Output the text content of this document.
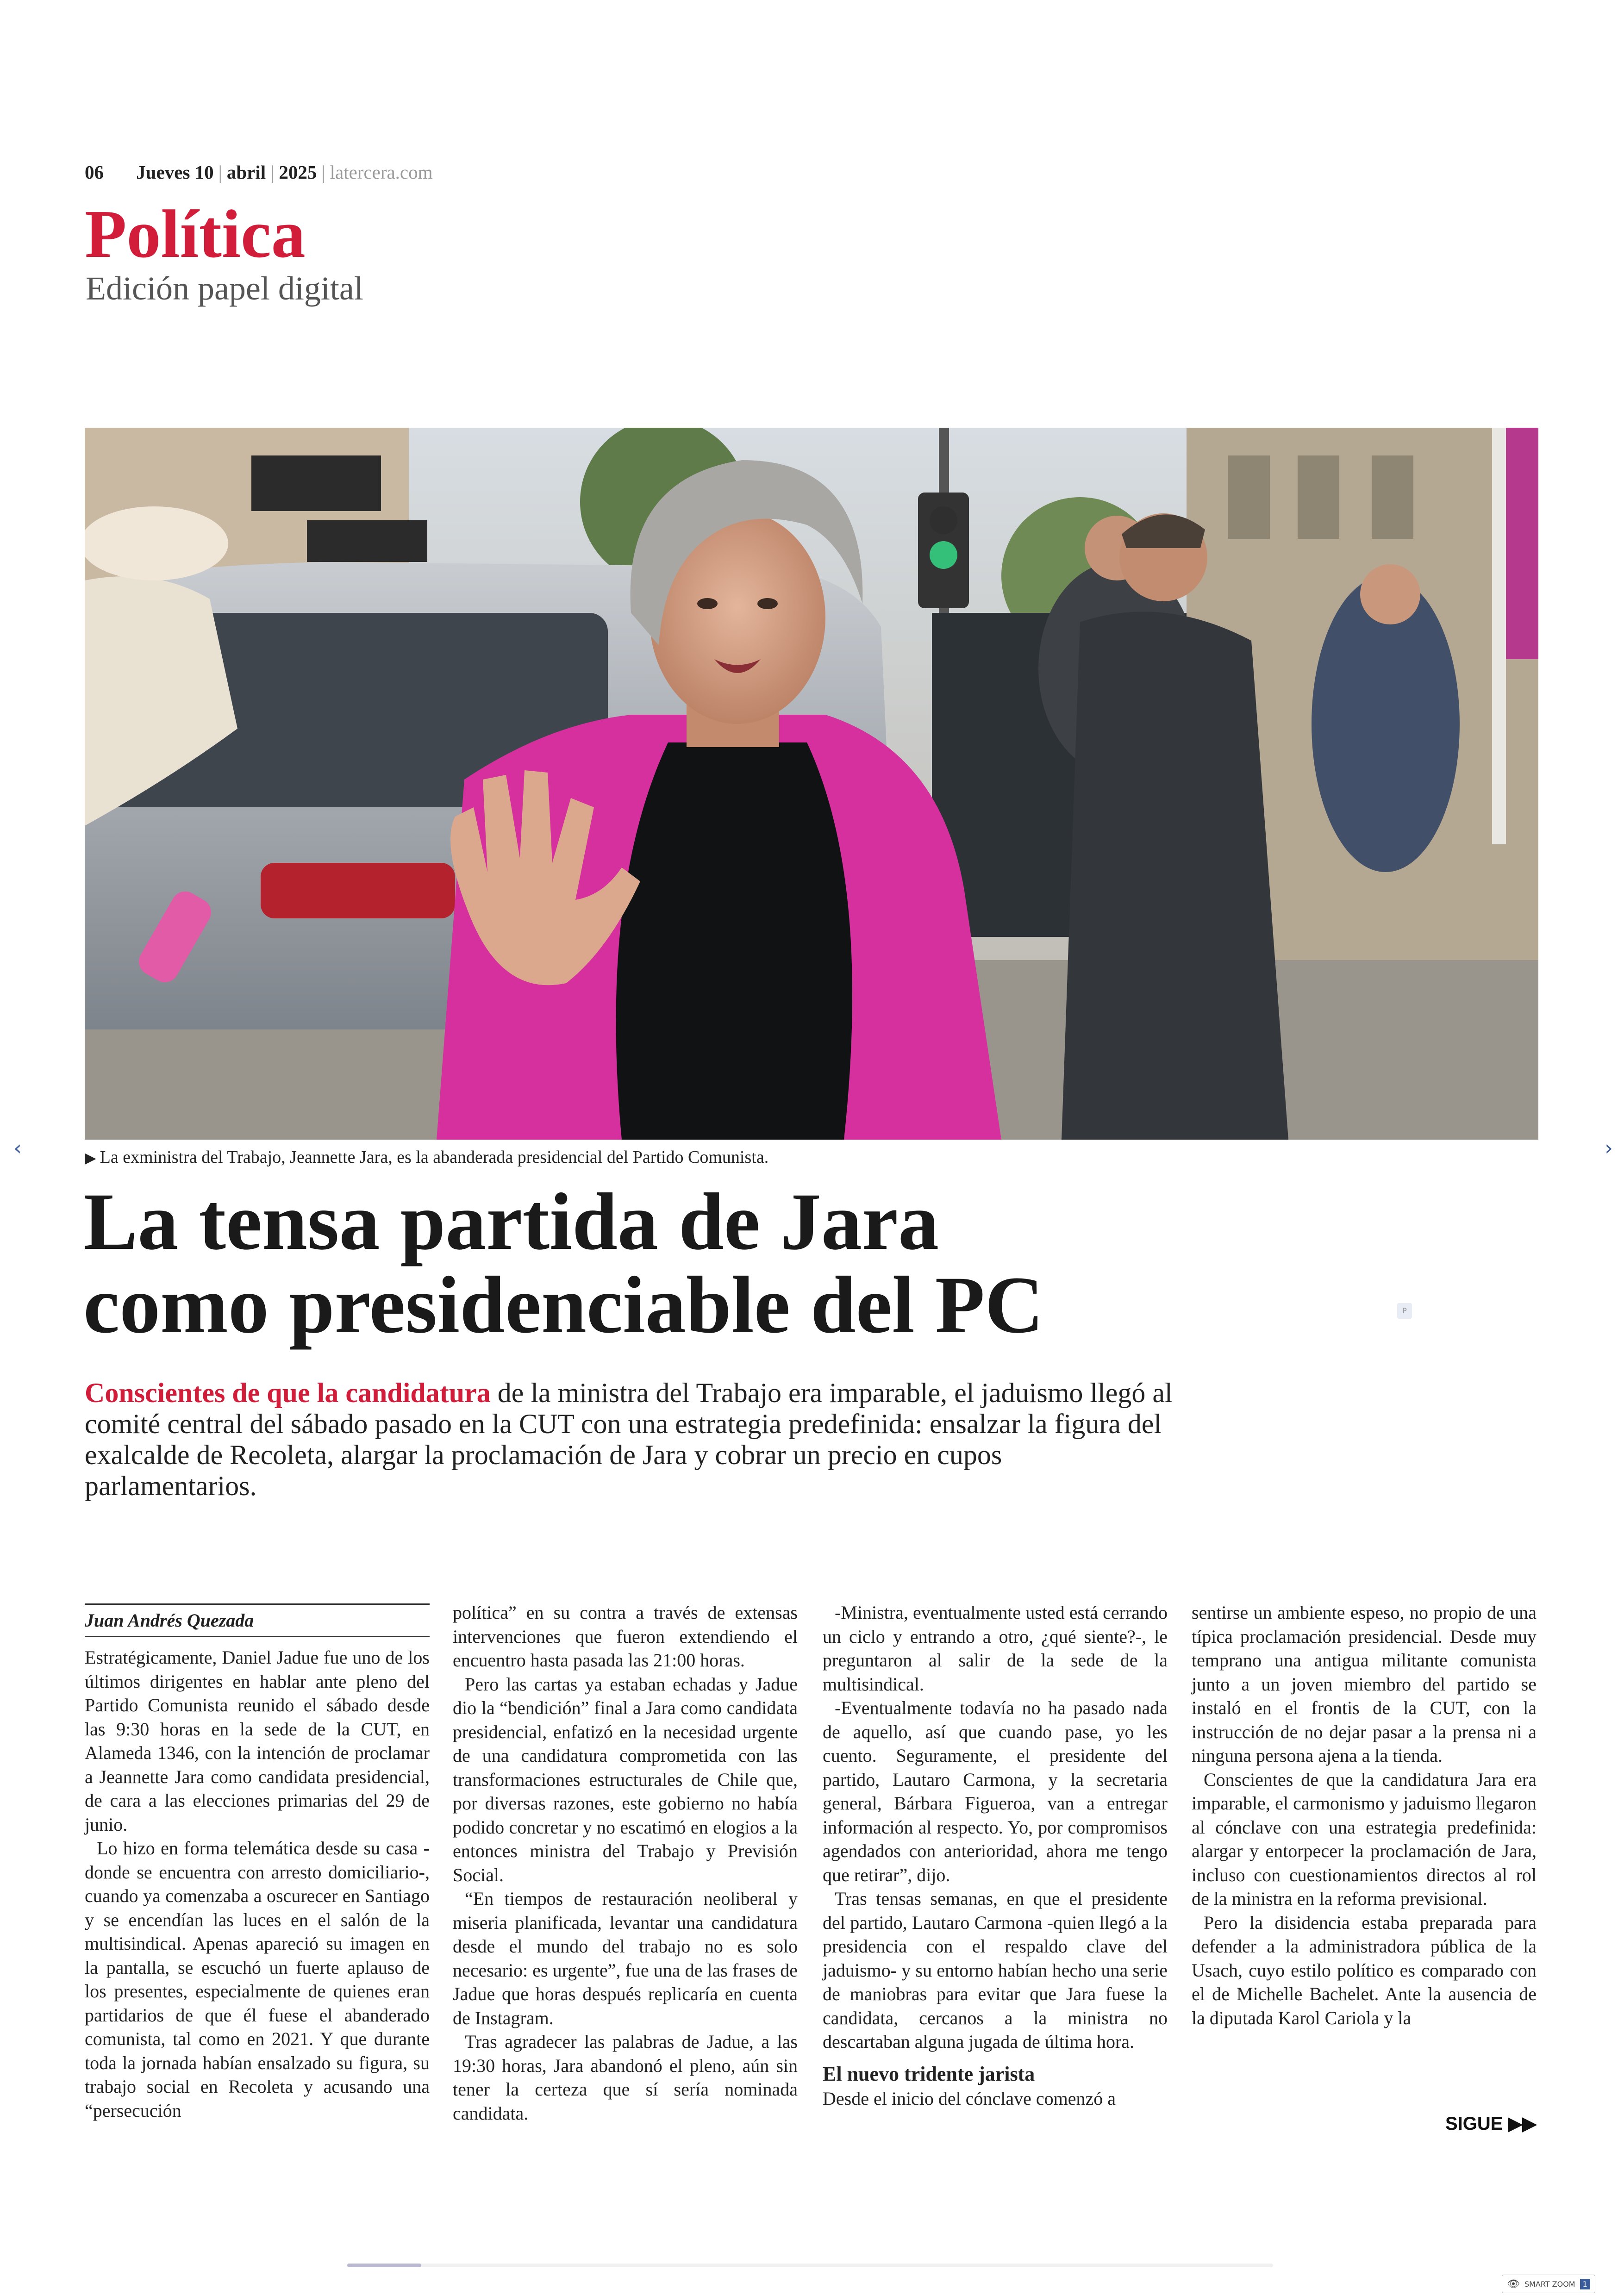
06 Jueves 10 | abril | 2025 | latercera.com
Política
Edición papel digital
▶ La exministra del Trabajo, Jeannette Jara, es la abanderada presidencial del Partido Comunista.
La tensa partida de Jara
como presidenciable del PC
Conscientes de que la candidatura de la ministra del Trabajo era imparable, el jaduismo llegó al comité central del sábado pasado en la CUT con una estrategia predefinida: ensalzar la figura del exalcalde de Recoleta, alargar la proclamación de Jara y cobrar un precio en cupos parlamentarios.
Juan Andrés Quezada

Estratégicamente, Daniel Jadue fue uno de los últimos dirigentes en hablar ante pleno del Partido Comunista reunido el sábado desde las 9:30 horas en la sede de la CUT, en Alameda 1346, con la intención de proclamar a Jeannette Jara como candidata presidencial, de cara a las elecciones primarias del 29 de junio.

Lo hizo en forma telemática desde su casa -donde se encuentra con arresto domiciliario-, cuando ya comenzaba a oscurecer en Santiago y se encendían las luces en el salón de la multisindical. Apenas apareció su imagen en la pantalla, se escuchó un fuerte aplauso de los presentes, especialmente de quienes eran partidarios de que él fuese el abanderado comunista, tal como en 2021. Y que durante toda la jornada habían ensalzado su figura, su trabajo social en Recoleta y acusando una “persecución

política” en su contra a través de extensas intervenciones que fueron extendiendo el encuentro hasta pasada las 21:00 horas.

Pero las cartas ya estaban echadas y Jadue dio la “bendición” final a Jara como candidata presidencial, enfatizó en la necesidad urgente de una candidatura comprometida con las transformaciones estructurales de Chile que, por diversas razones, este gobierno no había podido concretar y no escatimó en elogios a la entonces ministra del Trabajo y Previsión Social.

“En tiempos de restauración neoliberal y miseria planificada, levantar una candidatura desde el mundo del trabajo no es solo necesario: es urgente”, fue una de las frases de Jadue que horas después replicaría en cuenta de Instagram.

Tras agradecer las palabras de Jadue, a las 19:30 horas, Jara abandonó el pleno, aún sin tener la certeza que sí sería nominada candidata.

-Ministra, eventualmente usted está cerrando un ciclo y entrando a otro, ¿qué siente?-, le preguntaron al salir de la sede de la multisindical.

-Eventualmente todavía no ha pasado nada de aquello, así que cuando pase, yo les cuento. Seguramente, el presidente del partido, Lautaro Carmona, y la secretaria general, Bárbara Figueroa, van a entregar información al respecto. Yo, por compromisos agendados con anterioridad, ahora me tengo que retirar”, dijo.

Tras tensas semanas, en que el presidente del partido, Lautaro Carmona -quien llegó a la presidencia con el respaldo clave del jaduismo- y su entorno habían hecho una serie de maniobras para evitar que Jara fuese la candidata, cercanos a la ministra no descartaban alguna jugada de última hora.

El nuevo tridente jarista

Desde el inicio del cónclave comenzó a

sentirse un ambiente espeso, no propio de una típica proclamación presidencial. Desde muy temprano una antigua militante comunista junto a un joven miembro del partido se instaló en el frontis de la CUT, con la instrucción de no dejar pasar a la prensa ni a ninguna persona ajena a la tienda.

Conscientes de que la candidatura Jara era imparable, el carmonismo y jaduismo llegaron al cónclave con una estrategia predefinida: alargar y entorpecer la proclamación de Jara, incluso con cuestionamientos directos al rol de la ministra en la reforma previsional.

Pero la disidencia estaba preparada para defender a la administradora pública de la Usach, cuyo estilo político es comparado con el de Michelle Bachelet. Ante la ausencia de la diputada Karol Cariola y la

SIGUE ▶▶
‹	›
P
👁 SMART ZOOM	1
